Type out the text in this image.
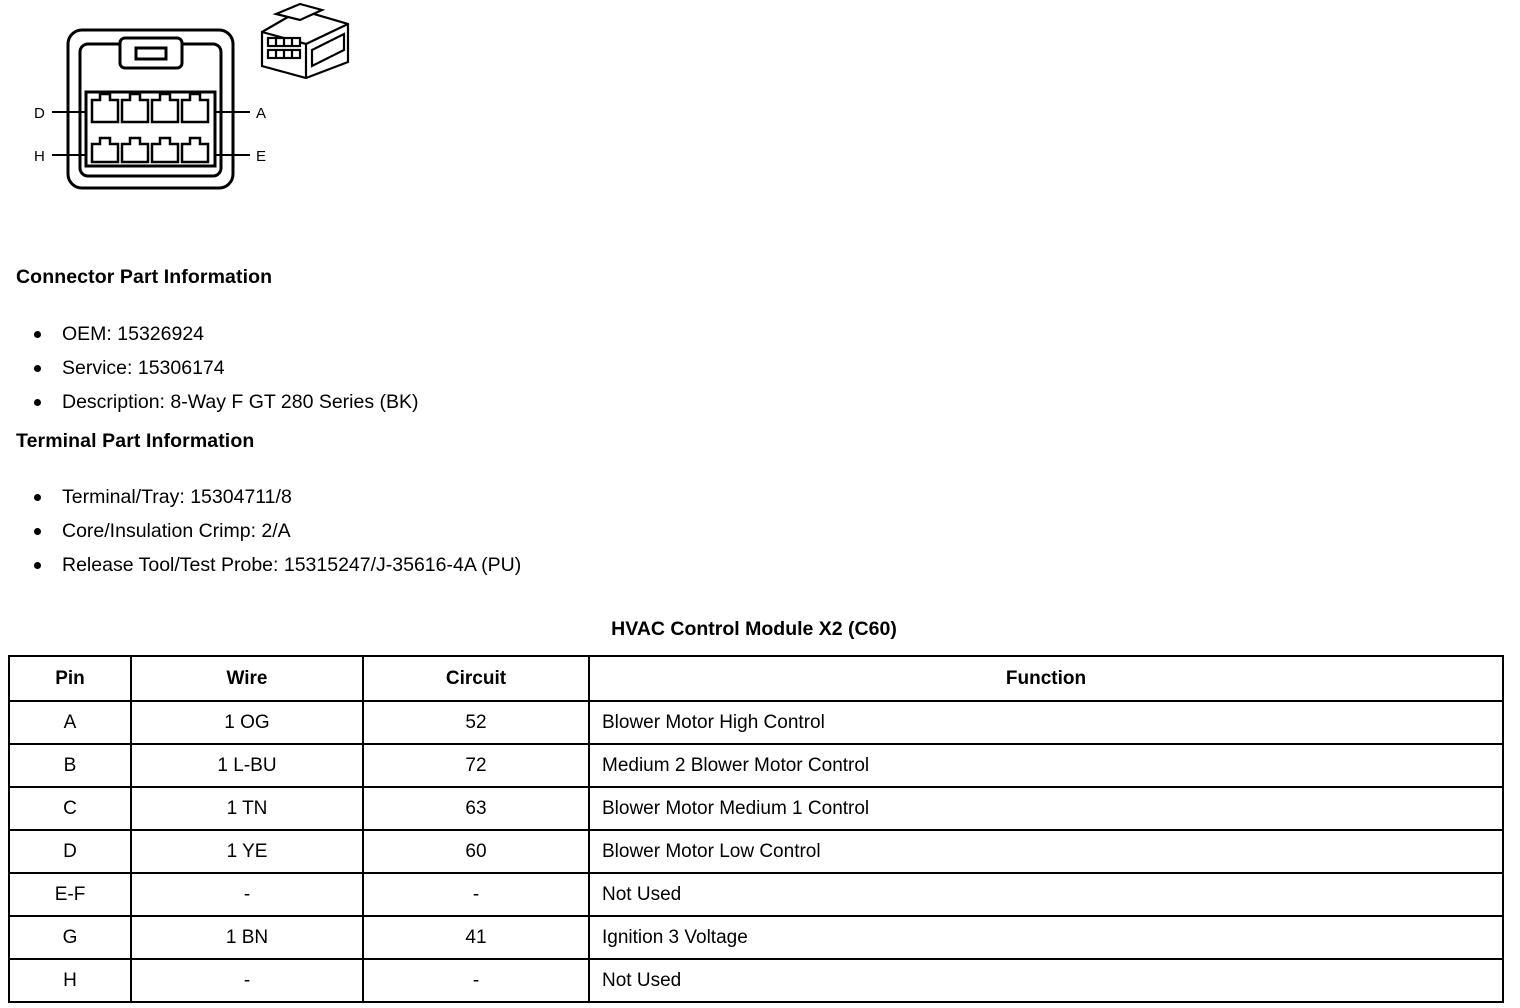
D
H
A
E
Connector Part Information
OEM: 15326924
Service: 15306174
Description: 8-Way F GT 280 Series (BK)
Terminal Part Information
Terminal/Tray: 15304711/8
Core/Insulation Crimp: 2/A
Release Tool/Test Probe: 15315247/J-35616-4A (PU)
HVAC Control Module X2 (C60)
Pin	Wire	Circuit	Function
A	1 OG	52	Blower Motor High Control
B	1 L-BU	72	Medium 2 Blower Motor Control
C	1 TN	63	Blower Motor Medium 1 Control
D	1 YE	60	Blower Motor Low Control
E-F	-	-	Not Used
G	1 BN	41	Ignition 3 Voltage
H	-	-	Not Used
